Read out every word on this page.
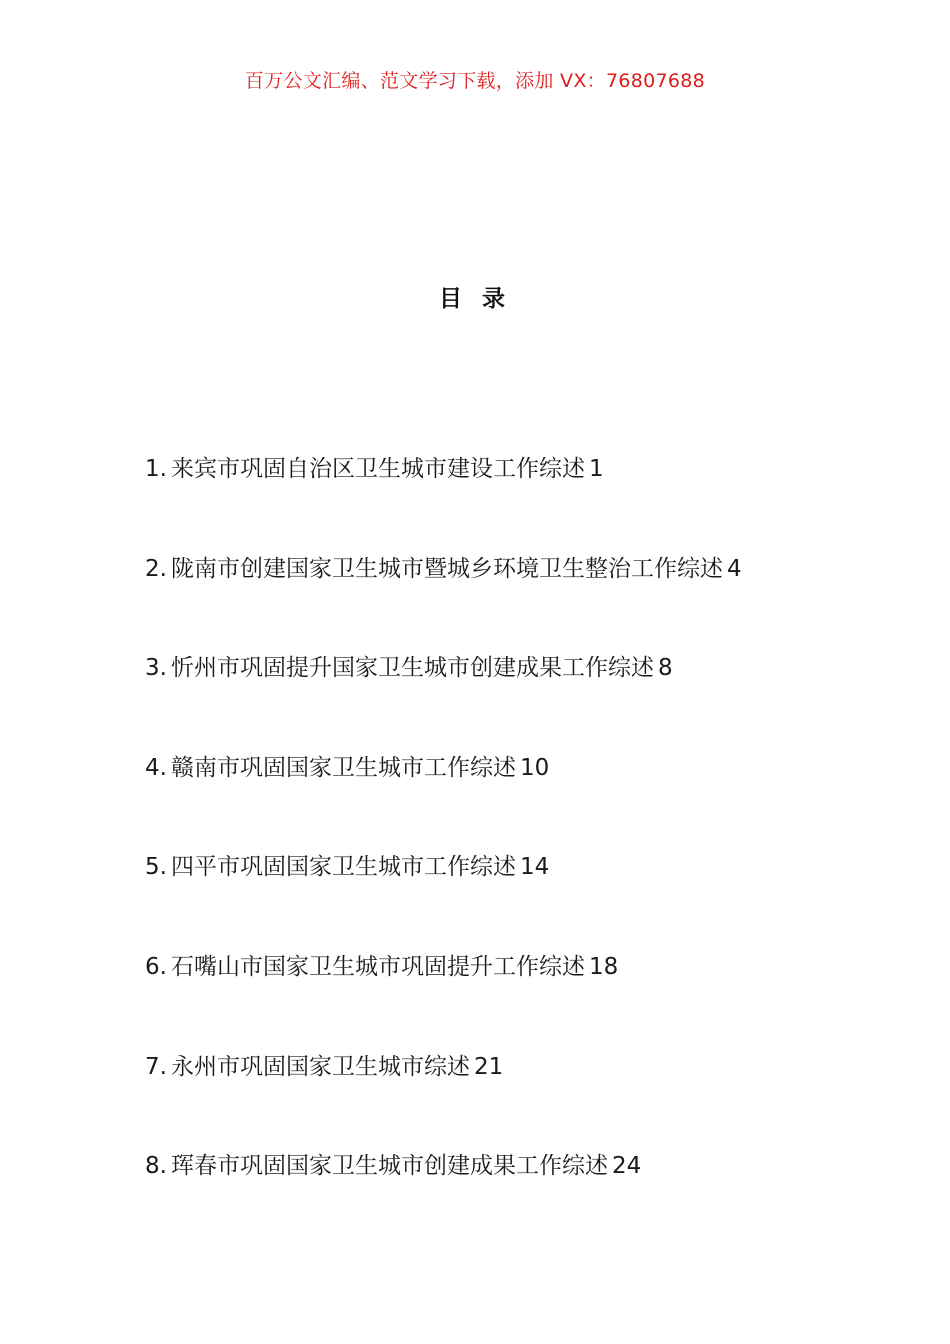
百万公文汇编、范文学习下载，添加 VX：76807688
目 录
1. 来宾市巩固自治区卫生城市建设工作综述 1
2. 陇南市创建国家卫生城市暨城乡环境卫生整治工作综述 4
3. 忻州市巩固提升国家卫生城市创建成果工作综述 8
4. 赣南市巩固国家卫生城市工作综述 10
5. 四平市巩固国家卫生城市工作综述 14
6. 石嘴山市国家卫生城市巩固提升工作综述 18
7. 永州市巩固国家卫生城市综述 21
8. 珲春市巩固国家卫生城市创建成果工作综述 24
